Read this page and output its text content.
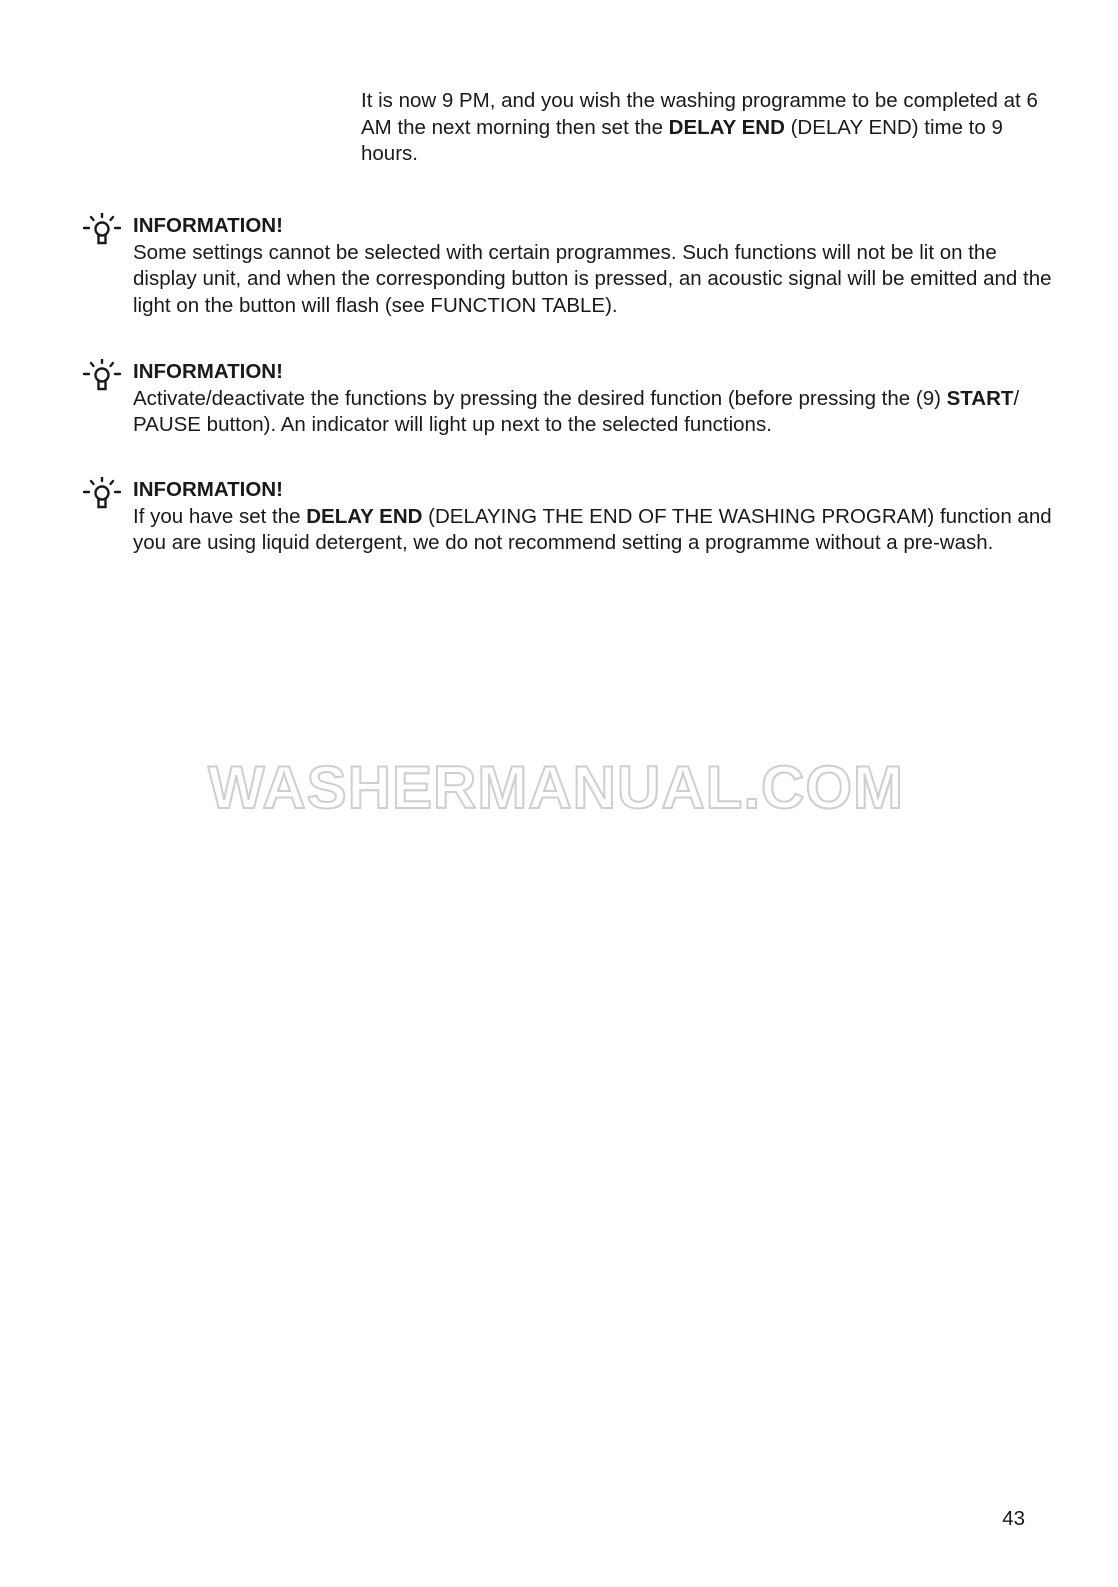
It is now 9 PM, and you wish the washing programme to be completed at 6 AM the next morning then set the DELAY END (DELAY END) time to 9 hours.

INFORMATION!

Some settings cannot be selected with certain programmes. Such functions will not be lit on the display unit, and when the corresponding button is pressed, an acoustic signal will be emitted and the light on the button will flash (see FUNCTION TABLE).

INFORMATION!

Activate/deactivate the functions by pressing the desired function (before pressing the (9) START/ PAUSE button). An indicator will light up next to the selected functions.

INFORMATION!

If you have set the DELAY END (DELAYING THE END OF THE WASHING PROGRAM) function and you are using liquid detergent, we do not recommend setting a programme without a pre-wash.

WASHERMANUAL.COM
43
